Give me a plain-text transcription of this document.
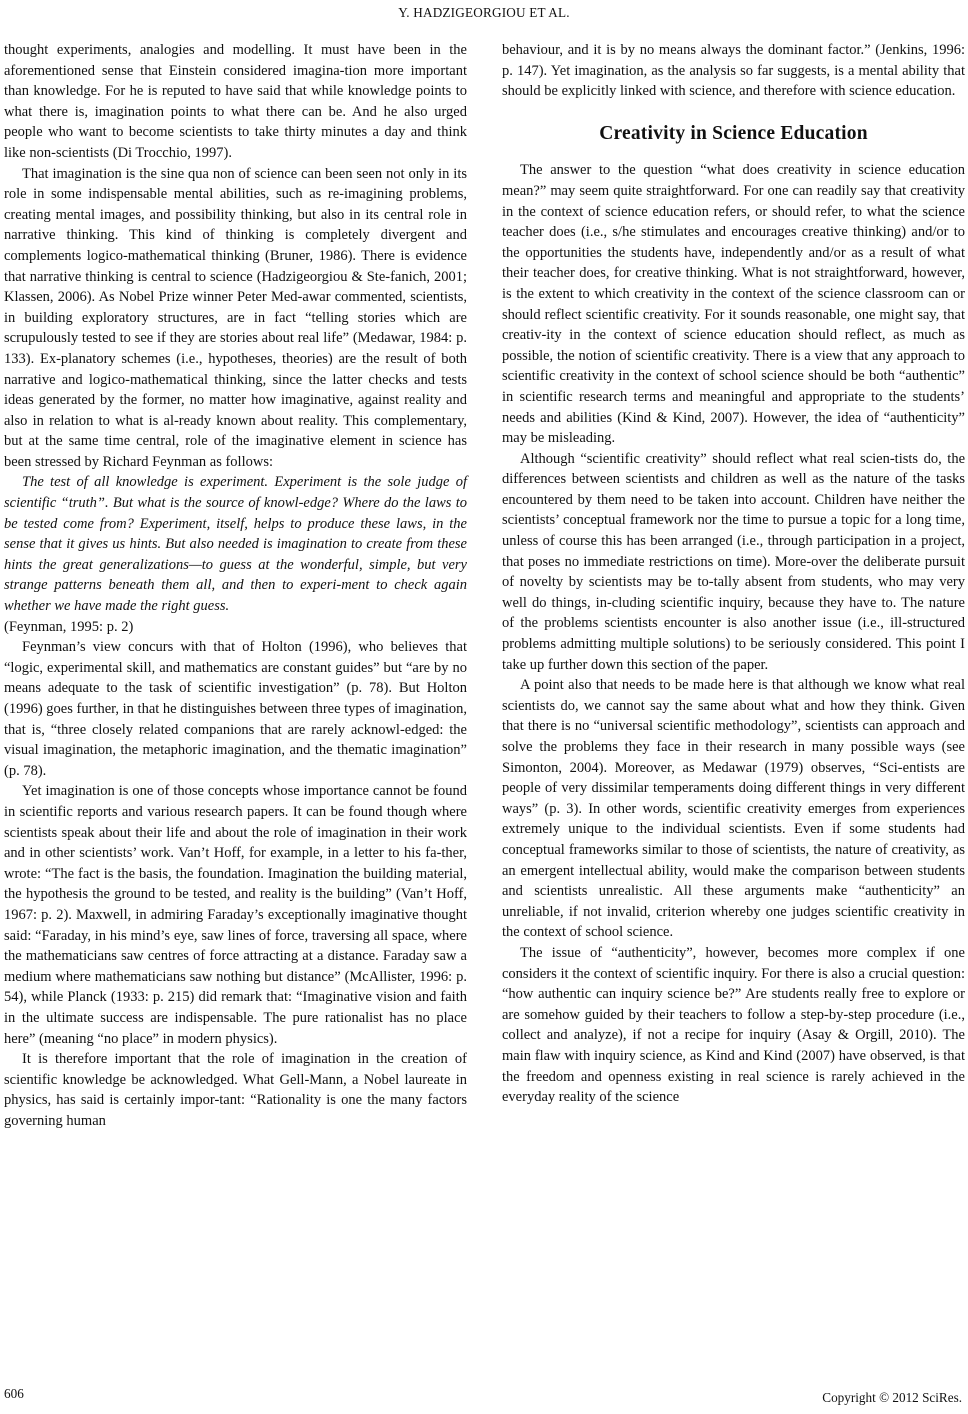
Y. HADZIGEORGIOU ET AL.

thought experiments, analogies and modelling. It must have been in the aforementioned sense that Einstein considered imagina-tion more important than knowledge. For he is reputed to have said that while knowledge points to what there is, imagination points to what there can be. And he also urged people who want to become scientists to take thirty minutes a day and think like non-scientists (Di Trocchio, 1997).

That imagination is the sine qua non of science can been seen not only in its role in some indispensable mental abilities, such as re-imagining problems, creating mental images, and possibility thinking, but also in its central role in narrative thinking. This kind of thinking is completely divergent and complements logico-mathematical thinking (Bruner, 1986). There is evidence that narrative thinking is central to science (Hadzigeorgiou & Ste-fanich, 2001; Klassen, 2006). As Nobel Prize winner Peter Med-awar commented, scientists, in building exploratory structures, are in fact “telling stories which are scrupulously tested to see if they are stories about real life” (Medawar, 1984: p. 133). Ex-planatory schemes (i.e., hypotheses, theories) are the result of both narrative and logico-mathematical thinking, since the latter checks and tests ideas generated by the former, no matter how imaginative, against reality and also in relation to what is al-ready known about reality. This complementary, but at the same time central, role of the imaginative element in science has been stressed by Richard Feynman as follows:

The test of all knowledge is experiment. Experiment is the sole judge of scientific “truth”. But what is the source of knowl-edge? Where do the laws to be tested come from? Experiment, itself, helps to produce these laws, in the sense that it gives us hints. But also needed is imagination to create from these hints the great generalizations—to guess at the wonderful, simple, but very strange patterns beneath them all, and then to experi-ment to check again whether we have made the right guess.
(Feynman, 1995: p. 2)

Feynman’s view concurs with that of Holton (1996), who believes that “logic, experimental skill, and mathematics are constant guides” but “are by no means adequate to the task of scientific investigation” (p. 78). But Holton (1996) goes further, in that he distinguishes between three types of imagination, that is, “three closely related companions that are rarely acknowl-edged: the visual imagination, the metaphoric imagination, and the thematic imagination” (p. 78).

Yet imagination is one of those concepts whose importance cannot be found in scientific reports and various research papers. It can be found though where scientists speak about their life and about the role of imagination in their work and in other scientists’ work. Van’t Hoff, for example, in a letter to his fa-ther, wrote: “The fact is the basis, the foundation. Imagination the building material, the hypothesis the ground to be tested, and reality is the building” (Van’t Hoff, 1967: p. 2). Maxwell, in admiring Faraday’s exceptionally imaginative thought said: “Faraday, in his mind’s eye, saw lines of force, traversing all space, where the mathematicians saw centres of force attracting at a distance. Faraday saw a medium where mathematicians saw nothing but distance” (McAllister, 1996: p. 54), while Planck (1933: p. 215) did remark that: “Imaginative vision and faith in the ultimate success are indispensable. The pure rationalist has no place here” (meaning “no place” in modern physics).

It is therefore important that the role of imagination in the creation of scientific knowledge be acknowledged. What Gell-Mann, a Nobel laureate in physics, has said is certainly impor-tant: “Rationality is one the many factors governing human

behaviour, and it is by no means always the dominant factor.” (Jenkins, 1996: p. 147). Yet imagination, as the analysis so far suggests, is a mental ability that should be explicitly linked with science, and therefore with science education.

Creativity in Science Education

The answer to the question “what does creativity in science education mean?” may seem quite straightforward. For one can readily say that creativity in the context of science education refers, or should refer, to what the science teacher does (i.e., s/he stimulates and encourages creative thinking) and/or to the opportunities the students have, independently and/or as a result of what their teacher does, for creative thinking. What is not straightforward, however, is the extent to which creativity in the context of the science classroom can or should reflect scientific creativity. For it sounds reasonable, one might say, that creativ-ity in the context of science education should reflect, as much as possible, the notion of scientific creativity. There is a view that any approach to scientific creativity in the context of school science should be both “authentic” in scientific research terms and meaningful and appropriate to the students’ needs and abilities (Kind & Kind, 2007). However, the idea of “authenticity” may be misleading.

Although “scientific creativity” should reflect what real scien-tists do, the differences between scientists and children as well as the nature of the tasks encountered by them need to be taken into account. Children have neither the scientists’ conceptual framework nor the time to pursue a topic for a long time, unless of course this has been arranged (i.e., through participation in a project, that poses no immediate restrictions on time). More-over the deliberate pursuit of novelty by scientists may be to-tally absent from students, who may very well do things, in-cluding scientific inquiry, because they have to. The nature of the problems scientists encounter is also another issue (i.e., ill-structured problems admitting multiple solutions) to be seriously considered. This point I take up further down this section of the paper.

A point also that needs to be made here is that although we know what real scientists do, we cannot say the same about what and how they think. Given that there is no “universal scientific methodology”, scientists can approach and solve the problems they face in their research in many possible ways (see Simonton, 2004). Moreover, as Medawar (1979) observes, “Sci-entists are people of very dissimilar temperaments doing different things in very different ways” (p. 3). In other words, scientific creativity emerges from experiences extremely unique to the individual scientists. Even if some students had conceptual frameworks similar to those of scientists, the nature of creativity, as an emergent intellectual ability, would make the comparison between students and scientists unrealistic. All these arguments make “authenticity” an unreliable, if not invalid, criterion whereby one judges scientific creativity in the context of school science.

The issue of “authenticity”, however, becomes more complex if one considers it the context of scientific inquiry. For there is also a crucial question: “how authentic can inquiry science be?” Are students really free to explore or are somehow guided by their teachers to follow a step-by-step procedure (i.e., collect and analyze), if not a recipe for inquiry (Asay & Orgill, 2010). The main flaw with inquiry science, as Kind and Kind (2007) have observed, is that the freedom and openness existing in real science is rarely achieved in the everyday reality of the science

606	Copyright © 2012 SciRes.
